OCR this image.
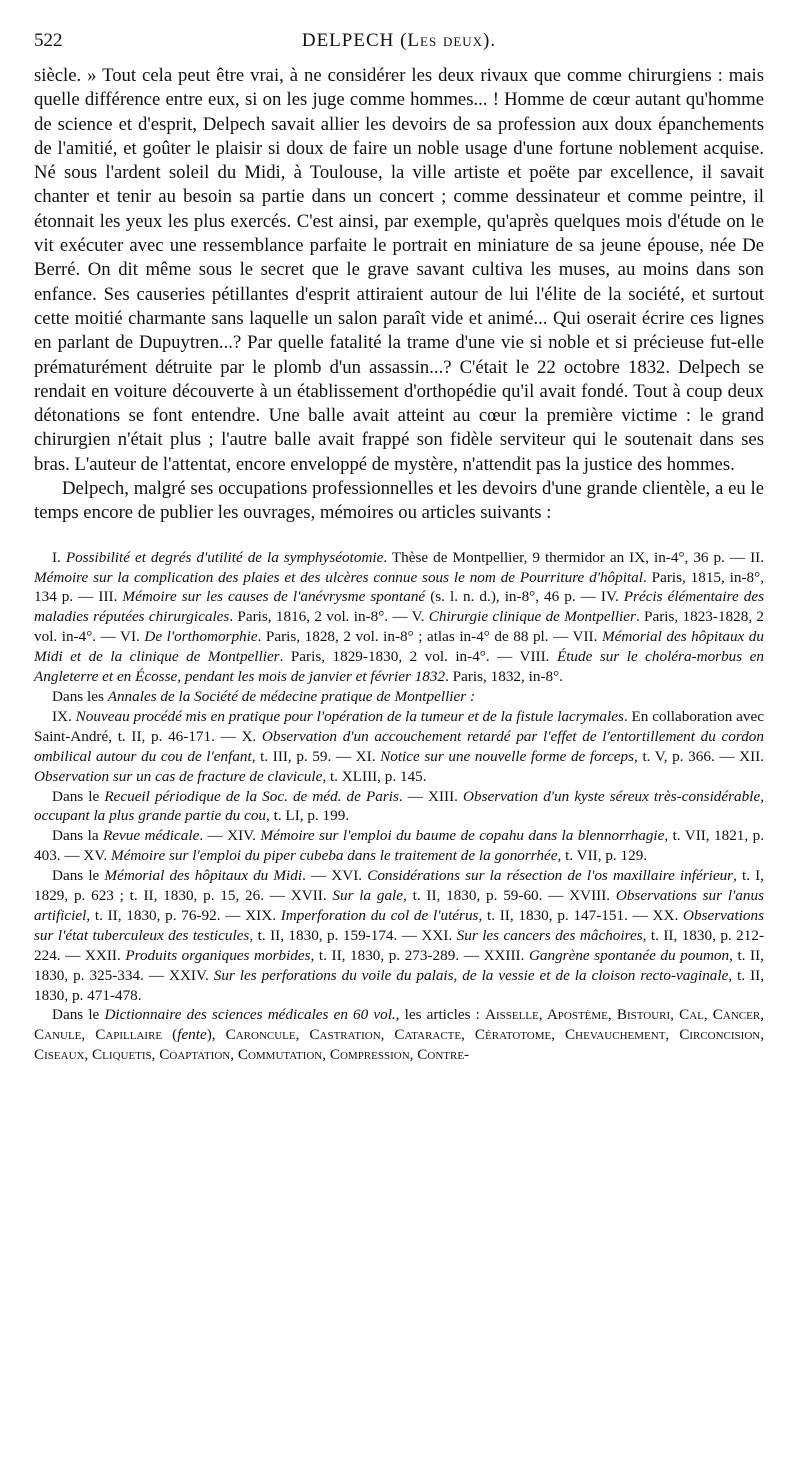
522	DELPECH (Les deux).

siècle. » Tout cela peut être vrai, à ne considérer les deux rivaux que comme chirurgiens : mais quelle différence entre eux, si on les juge comme hommes... ! Homme de cœur autant qu'homme de science et d'esprit, Delpech savait allier les devoirs de sa profession aux doux épanchements de l'amitié, et goûter le plaisir si doux de faire un noble usage d'une fortune noblement acquise. Né sous l'ardent soleil du Midi, à Toulouse, la ville artiste et poëte par excellence, il savait chanter et tenir au besoin sa partie dans un concert ; comme dessinateur et comme peintre, il étonnait les yeux les plus exercés. C'est ainsi, par exemple, qu'après quelques mois d'étude on le vit exécuter avec une ressemblance parfaite le portrait en miniature de sa jeune épouse, née De Berré. On dit même sous le secret que le grave savant cultiva les muses, au moins dans son enfance. Ses causeries pétillantes d'esprit attiraient autour de lui l'élite de la société, et surtout cette moitié charmante sans laquelle un salon paraît vide et animé... Qui oserait écrire ces lignes en parlant de Dupuytren...? Par quelle fatalité la trame d'une vie si noble et si précieuse fut-elle prématurément détruite par le plomb d'un assassin...? C'était le 22 octobre 1832. Delpech se rendait en voiture découverte à un établissement d'orthopédie qu'il avait fondé. Tout à coup deux détonations se font entendre. Une balle avait atteint au cœur la première victime : le grand chirurgien n'était plus ; l'autre balle avait frappé son fidèle serviteur qui le soutenait dans ses bras. L'auteur de l'attentat, encore enveloppé de mystère, n'attendit pas la justice des hommes.

Delpech, malgré ses occupations professionnelles et les devoirs d'une grande clientèle, a eu le temps encore de publier les ouvrages, mémoires ou articles suivants :

I. Possibilité et degrés d'utilité de la symphyséotomie. Thèse de Montpellier, 9 thermidor an IX, in-4°, 36 p. — II. Mémoire sur la complication des plaies et des ulcères connue sous le nom de Pourriture d'hôpital. Paris, 1815, in-8°, 134 p. — III. Mémoire sur les causes de l'anévrysme spontané (s. l. n. d.), in-8°, 46 p. — IV. Précis élémentaire des maladies réputées chirurgicales. Paris, 1816, 2 vol. in-8°. — V. Chirurgie clinique de Montpellier. Paris, 1823-1828, 2 vol. in-4°. — VI. De l'orthomorphie. Paris, 1828, 2 vol. in-8° ; atlas in-4° de 88 pl. — VII. Mémorial des hôpitaux du Midi et de la clinique de Montpellier. Paris, 1829-1830, 2 vol. in-4°. — VIII. Étude sur le choléra-morbus en Angleterre et en Écosse, pendant les mois de janvier et février 1832. Paris, 1832, in-8°.

Dans les Annales de la Société de médecine pratique de Montpellier :

IX. Nouveau procédé mis en pratique pour l'opération de la tumeur et de la fistule lacrymales. En collaboration avec Saint-André, t. II, p. 46-171. — X. Observation d'un accouchement retardé par l'effet de l'entortillement du cordon ombilical autour du cou de l'enfant, t. III, p. 59. — XI. Notice sur une nouvelle forme de forceps, t. V, p. 366. — XII. Observation sur un cas de fracture de clavicule, t. XLIII, p. 145.

Dans le Recueil périodique de la Soc. de méd. de Paris. — XIII. Observation d'un kyste séreux très-considérable, occupant la plus grande partie du cou, t. LI, p. 199.

Dans la Revue médicale. — XIV. Mémoire sur l'emploi du baume de copahu dans la blennorrhagie, t. VII, 1821, p. 403. — XV. Mémoire sur l'emploi du piper cubeba dans le traitement de la gonorrhée, t. VII, p. 129.

Dans le Mémorial des hôpitaux du Midi. — XVI. Considérations sur la résection de l'os maxillaire inférieur, t. I, 1829, p. 623 ; t. II, 1830, p. 15, 26. — XVII. Sur la gale, t. II, 1830, p. 59-60. — XVIII. Observations sur l'anus artificiel, t. II, 1830, p. 76-92. — XIX. Imperforation du col de l'utérus, t. II, 1830, p. 147-151. — XX. Observations sur l'état tuberculeux des testicules, t. II, 1830, p. 159-174. — XXI. Sur les cancers des mâchoires, t. II, 1830, p. 212-224. — XXII. Produits organiques morbides, t. II, 1830, p. 273-289. — XXIII. Gangrène spontanée du poumon, t. II, 1830, p. 325-334. — XXIV. Sur les perforations du voile du palais, de la vessie et de la cloison recto-vaginale, t. II, 1830, p. 471-478.

Dans le Dictionnaire des sciences médicales en 60 vol., les articles : Aisselle, Apostème, Bistouri, Cal, Cancer, Canule, Capillaire (fente), Caroncule, Castration, Cataracte, Cératotome, Chevauchement, Circoncision, Ciseaux, Cliquetis, Coaptation, Commutation, Compression, Contre-
